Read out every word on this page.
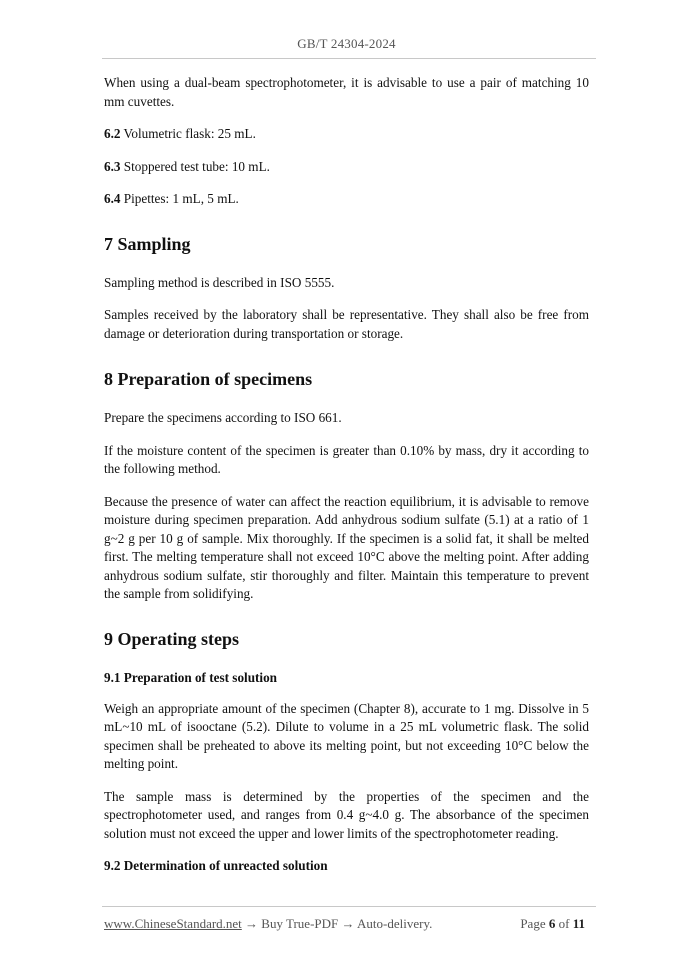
GB/T 24304-2024

When using a dual-beam spectrophotometer, it is advisable to use a pair of matching 10 mm cuvettes.

6.2 Volumetric flask: 25 mL.

6.3 Stoppered test tube: 10 mL.

6.4 Pipettes: 1 mL, 5 mL.

7 Sampling

Sampling method is described in ISO 5555.

Samples received by the laboratory shall be representative. They shall also be free from damage or deterioration during transportation or storage.

8 Preparation of specimens

Prepare the specimens according to ISO 661.

If the moisture content of the specimen is greater than 0.10% by mass, dry it according to the following method.

Because the presence of water can affect the reaction equilibrium, it is advisable to remove moisture during specimen preparation. Add anhydrous sodium sulfate (5.1) at a ratio of 1 g~2 g per 10 g of sample. Mix thoroughly. If the specimen is a solid fat, it shall be melted first. The melting temperature shall not exceed 10°C above the melting point. After adding anhydrous sodium sulfate, stir thoroughly and filter. Maintain this temperature to prevent the sample from solidifying.

9 Operating steps
9.1 Preparation of test solution

Weigh an appropriate amount of the specimen (Chapter 8), accurate to 1 mg. Dissolve in 5 mL~10 mL of isooctane (5.2). Dilute to volume in a 25 mL volumetric flask. The solid specimen shall be preheated to above its melting point, but not exceeding 10°C below the melting point.

The sample mass is determined by the properties of the specimen and the spectrophotometer used, and ranges from 0.4 g~4.0 g. The absorbance of the specimen solution must not exceed the upper and lower limits of the spectrophotometer reading.

9.2 Determination of unreacted solution
www.ChineseStandard.net → Buy True-PDF → Auto-delivery.	Page 6 of 11
